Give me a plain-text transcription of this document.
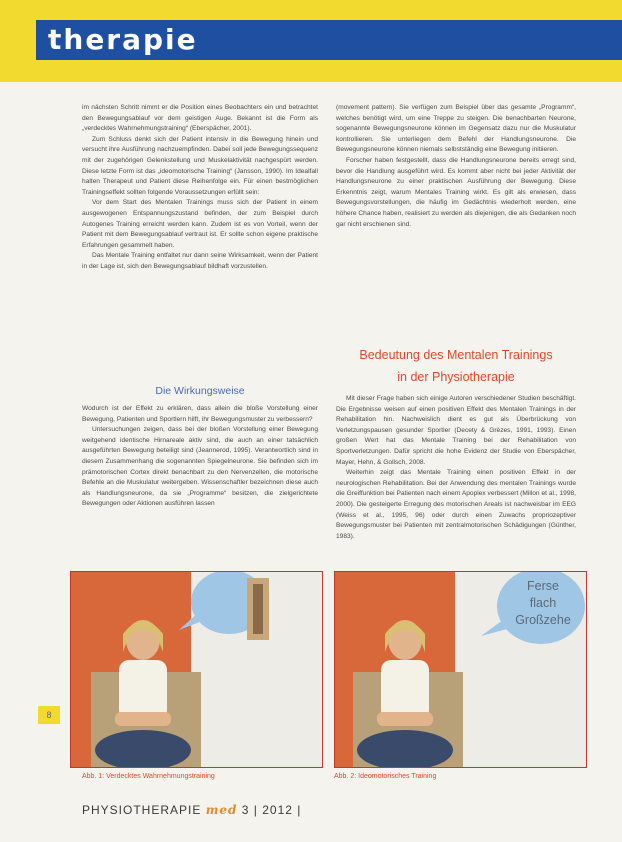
therapie

im nächsten Schritt nimmt er die Position eines Beobachters ein und betrachtet den Bewegungsablauf vor dem geistigen Auge. Bekannt ist die Form als „verdecktes Wahrnehmungstraining“ (Eberspächer, 2001).

Zum Schluss denkt sich der Patient intensiv in die Bewegung hinein und versucht ihre Ausführung nachzuempfinden. Dabei soll jede Bewegungssequenz mit der zugehörigen Gelenkstellung und Muskelaktivität nachgespürt werden. Diese letzte Form ist das „ideomotorische Training“ (Jansson, 1990). Im Idealfall halten Therapeut und Patient diese Reihenfolge ein. Für einen bestmöglichen Trainingseffekt sollten folgende Voraussetzungen erfüllt sein:

Vor dem Start des Mentalen Trainings muss sich der Patient in einem ausgewogenen Entspannungszustand befinden, der zum Beispiel durch Autogenes Training erreicht werden kann. Zudem ist es von Vorteil, wenn der Patient mit dem Bewegungsablauf vertraut ist. Er sollte schon eigene praktische Erfahrungen gesammelt haben.

Das Mentale Training entfaltet nur dann seine Wirksamkeit, wenn der Patient in der Lage ist, sich den Bewegungsablauf bildhaft vorzustellen.

Die Wirkungsweise

Wodurch ist der Effekt zu erklären, dass allein die bloße Vorstellung einer Bewegung, Patienten und Sportlern hilft, ihr Bewegungsmuster zu verbessern?

Untersuchungen zeigen, dass bei der bloßen Vorstellung einer Bewegung weitgehend identische Hirnareale aktiv sind, die auch an einer tatsächlich ausgeführten Bewegung beteiligt sind (Jeannerod, 1995). Verantwortlich sind in diesem Zusammenhang die sogenannten Spiegelneurone. Sie befinden sich im prämotorischen Cortex direkt benachbart zu den Nervenzellen, die motorische Befehle an die Muskulatur weitergeben. Wissenschaftler bezeichnen diese auch als Handlungsneurone, da sie „Programme“ besitzen, die zielgerichtete Bewegungen oder Aktionen ausführen lassen

(movement pattern). Sie verfügen zum Beispiel über das gesamte „Programm“, welches benötigt wird, um eine Treppe zu steigen. Die benachbarten Neurone, sogenannte Bewegungsneurone können im Gegensatz dazu nur die Muskulatur kontrollieren. Sie unterliegen dem Befehl der Handlungsneurone. Die Bewegungsneurone können niemals selbstständig eine Bewegung initiieren.

Forscher haben festgestellt, dass die Handlungsneurone bereits erregt sind, bevor die Handlung ausgeführt wird. Es kommt aber nicht bei jeder Aktivität der Handlungsneurone zu einer praktischen Ausführung der Bewegung. Diese Erkenntnis zeigt, warum Mentales Training wirkt. Es gilt als erwiesen, dass Bewegungsvorstellungen, die häufig im Gedächtnis wiederholt werden, eine höhere Chance haben, realisiert zu werden als diejenigen, die als Gedanken noch gar nicht erschienen sind.

Bedeutung des Mentalen Trainings
in der Physiotherapie

Mit dieser Frage haben sich einige Autoren verschiedener Studien beschäftigt. Die Ergebnisse weisen auf einen positiven Effekt des Mentalen Trainings in der Rehabilitation hin. Nachweislich dient es gut als Überbrückung von Verletzungspausen gesunder Sportler (Decety & Grèzes, 1991, 1993). Einen großen Wert hat das Mentale Training bei der Rehabilitation von Sportverletzungen. Dafür spricht die hohe Evidenz der Studie von Eberspächer, Mayer, Hehn, & Gollsch, 2008.

Weiterhin zeigt das Mentale Training einen positiven Effekt in der neurologischen Rehabilitation. Bei der Anwendung des mentalen Trainings wurde die Greiffunktion bei Patienten nach einem Apoplex verbessert (Millon et al., 1998, 2000). Die gesteigerte Erregung des motorischen Areals ist nachweisbar im EEG (Weiss et al., 1995, 96) oder durch einen Zuwachs propriozeptiver Bewegungsmuster bei Patienten mit zentralmotorischen Schädigungen (Günther, 1983).

Ferse
flach
Großzehe
Abb. 1: Verdecktes Wahrnehmungstraining	Abb. 2: Ideomotorisches Training
8
PHYSIOTHERAPIE med 3 | 2012 |
